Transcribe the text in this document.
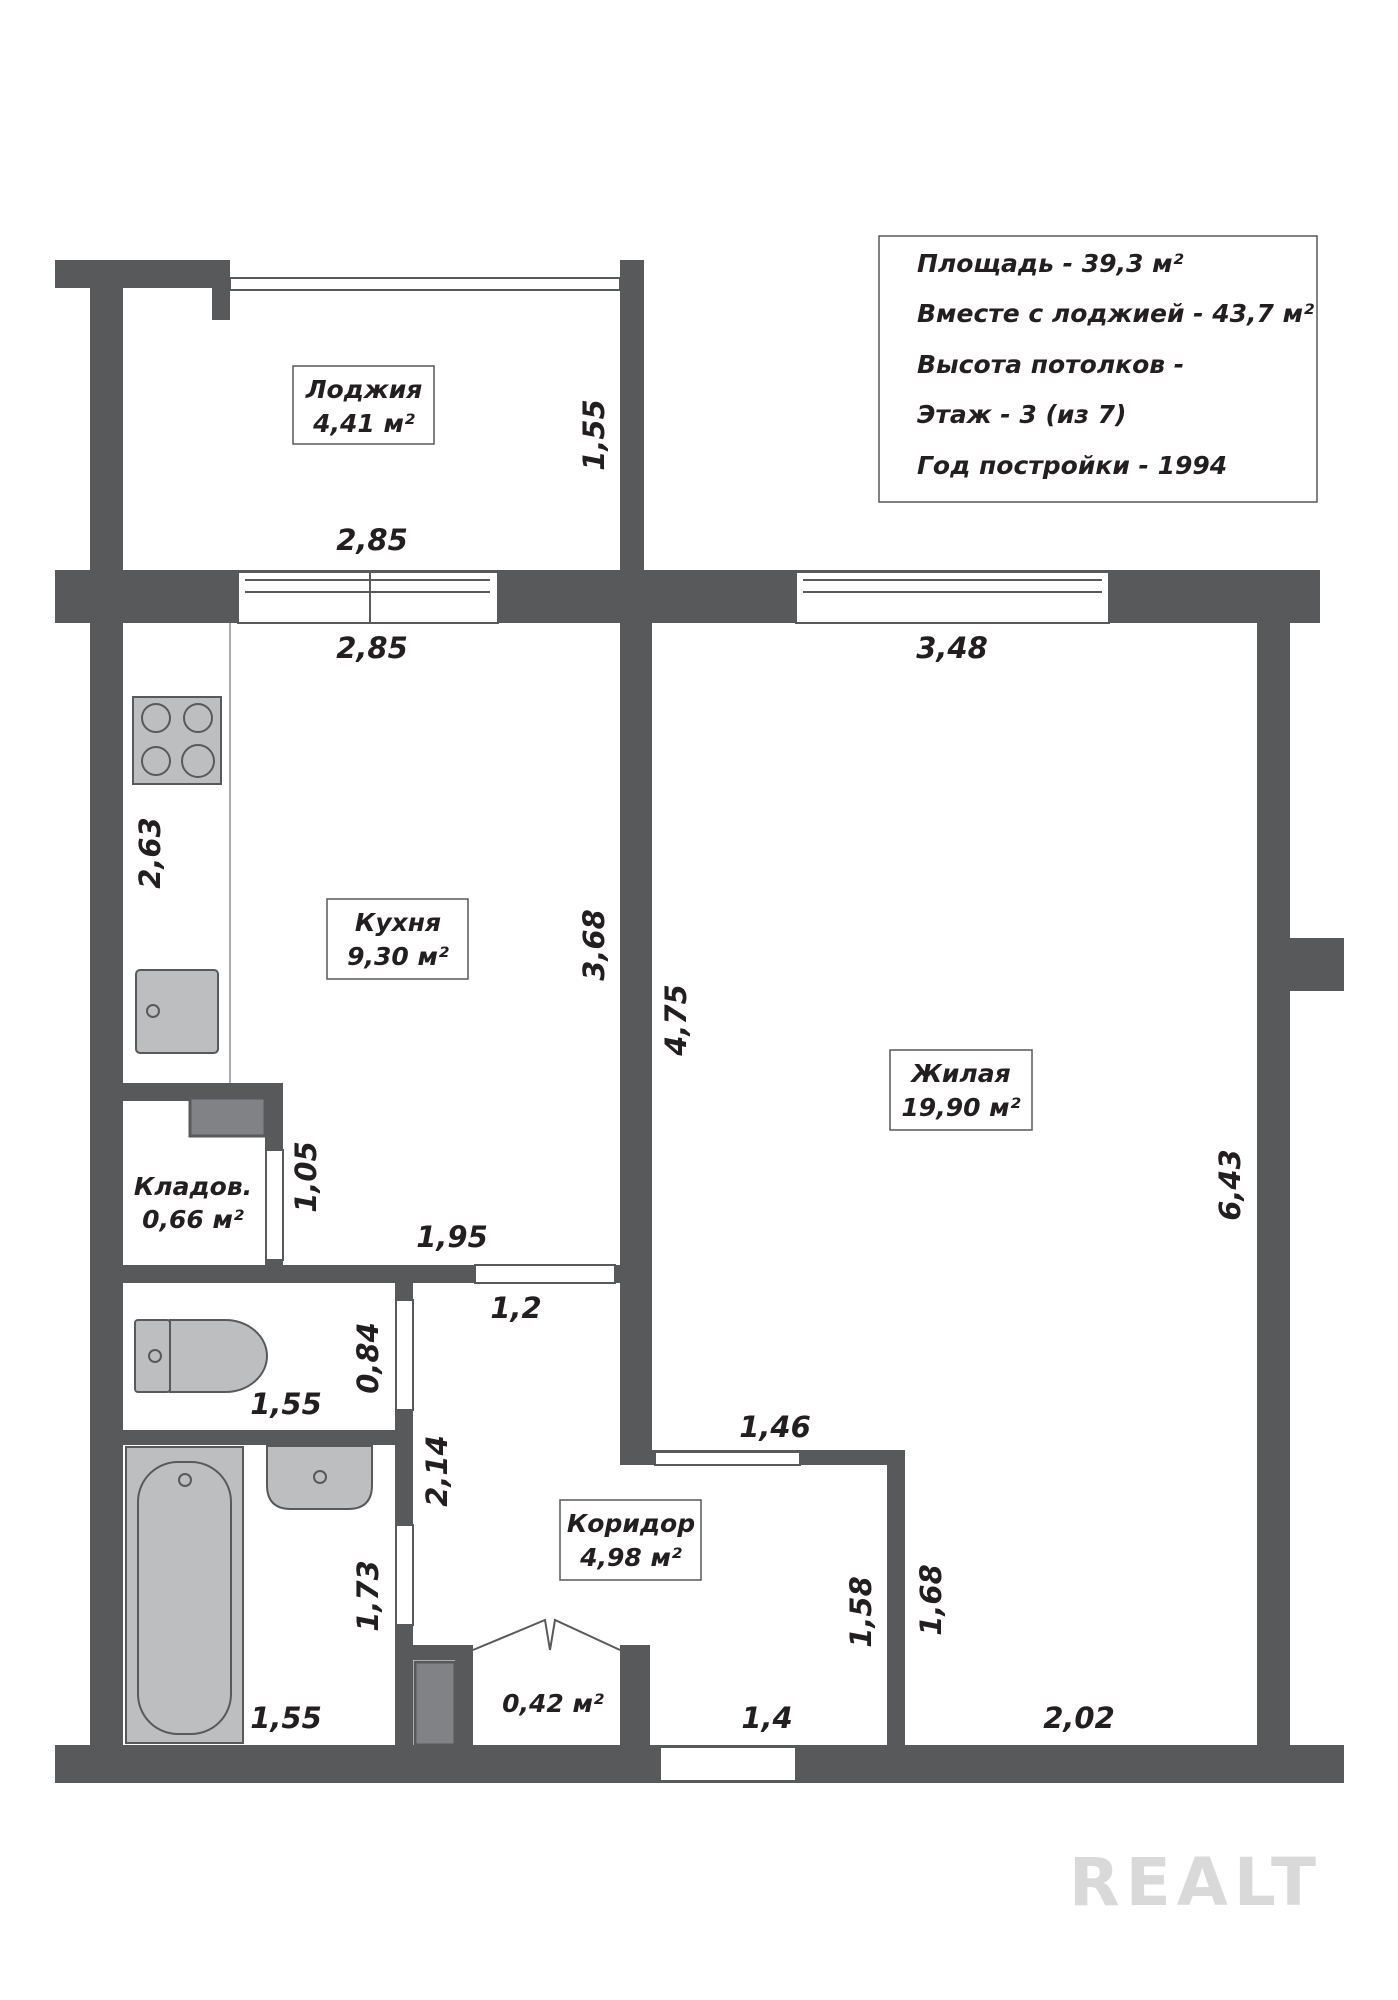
Лоджия
4,41 м²
Кухня
9,30 м²
Жилая
19,90 м²
Кладов.
0,66 м²
Коридор
4,98 м²
0,42 м²
1,55
2,85
2,85	3,48
2,63
3,68
4,75
6,43
1,05
1,95
1,2
0,84
1,55
2,14
1,73
1,55
1,46
1,58 1,68
1,4	2,02
Площадь - 39,3 м²
Вместе с лоджией - 43,7 м²
Высота потолков -
Этаж - 3 (из 7)
Год постройки - 1994
REALT
